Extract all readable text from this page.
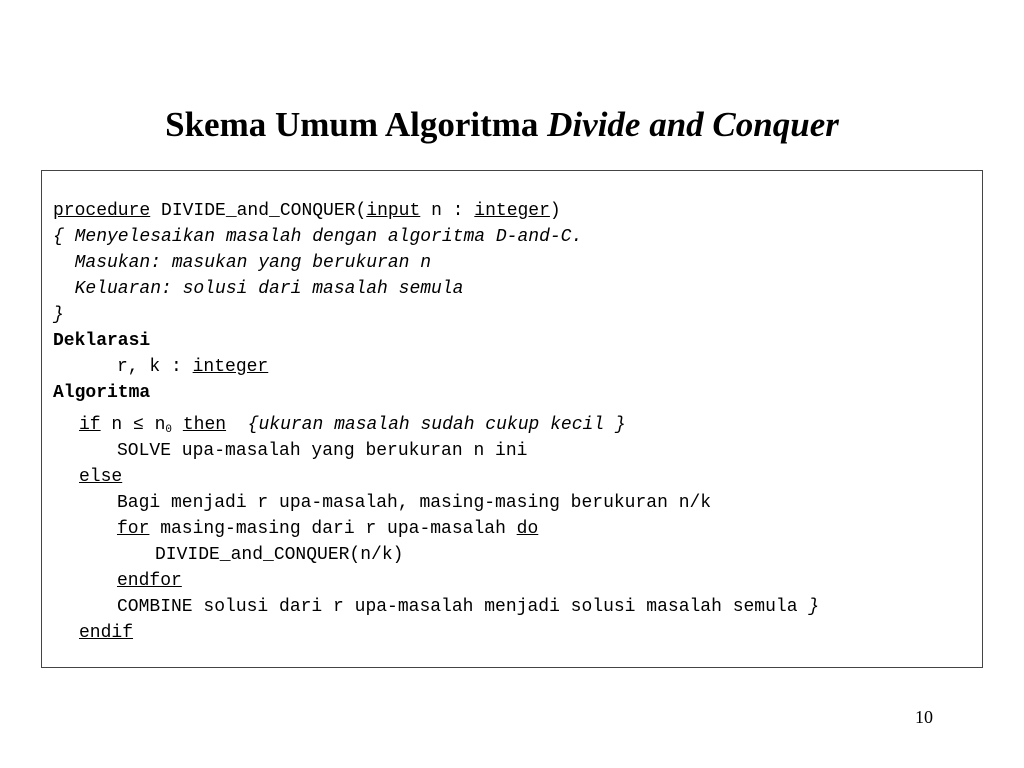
Skema Umum Algoritma Divide and Conquer
procedure DIVIDE_and_CONQUER(input n : integer)
{ Menyelesaikan masalah dengan algoritma D-and-C.
Masukan: masukan yang berukuran n
Keluaran: solusi dari masalah semula
}
Deklarasi
r, k : integer
Algoritma
if $n \le n_0$ then {ukuran masalah sudah cukup kecil }
SOLVE upa-masalah yang berukuran n ini
else
Bagi menjadi r upa-masalah, masing-masing berukuran n/k
for masing-masing dari r upa-masalah do
DIVIDE_and_CONQUER(n/k)
endfor
COMBINE solusi dari r upa-masalah menjadi solusi masalah semula }
endif
10
